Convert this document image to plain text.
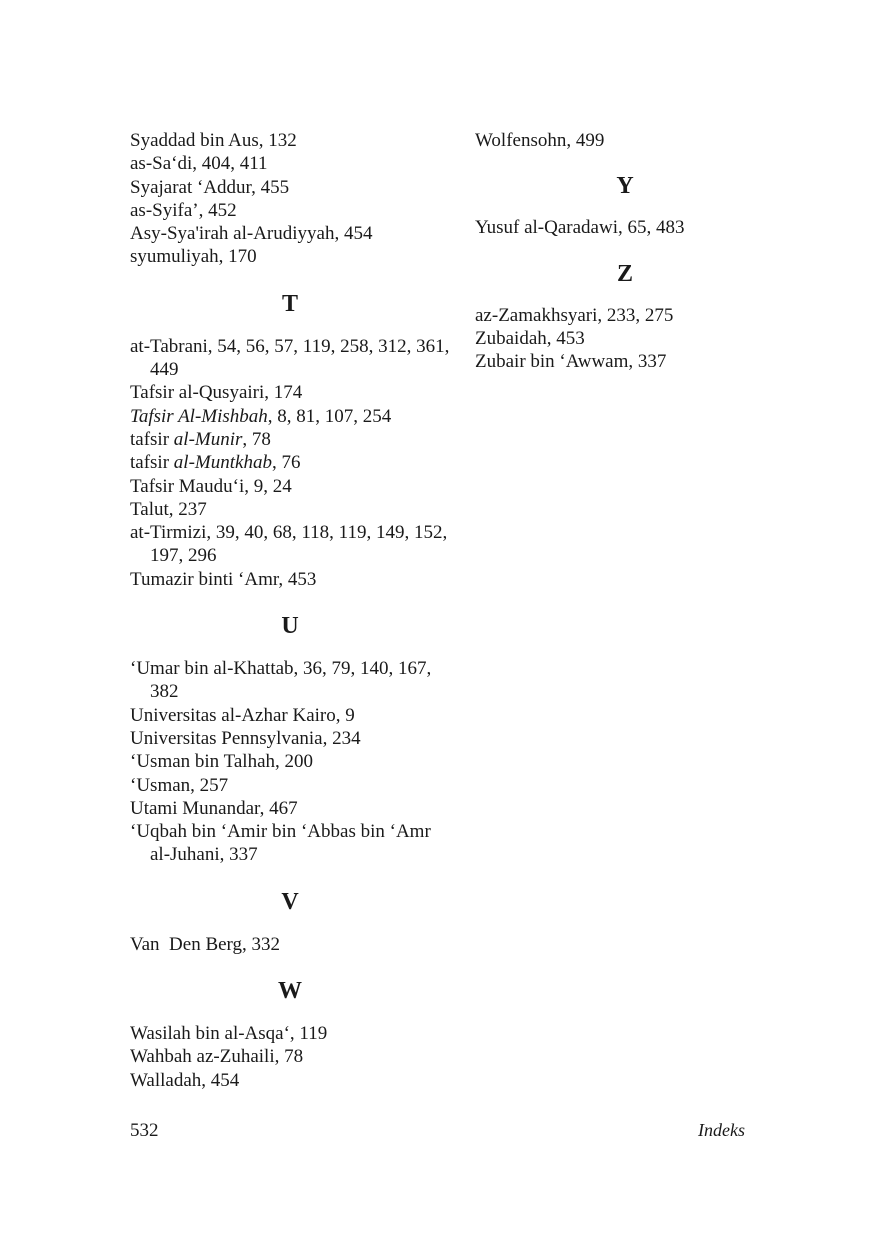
Syaddad bin Aus, 132
as-Sa‘di, 404, 411
Syajarat ‘Addur, 455
as-Syifa’, 452
Asy-Sya'irah al-Arudiyyah, 454
syumuliyah, 170
T
at-Tabrani, 54, 56, 57, 119, 258, 312, 361, 449
Tafsir al-Qusyairi, 174
Tafsir Al-Mishbah, 8, 81, 107, 254
tafsir al-Munir, 78
tafsir al-Muntkhab, 76
Tafsir Maudu‘i, 9, 24
Talut, 237
at-Tirmizi, 39, 40, 68, 118, 119, 149, 152, 197, 296
Tumazir binti ‘Amr, 453
U
‘Umar bin al-Khattab, 36, 79, 140, 167, 382
Universitas al-Azhar Kairo, 9
Universitas Pennsylvania, 234
‘Usman bin Talhah, 200
‘Usman, 257
Utami Munandar, 467
‘Uqbah bin ‘Amir bin ‘Abbas bin ‘Amr al-Juhani, 337
V
Van  Den Berg, 332
W
Wasilah bin al-Asqa‘, 119
Wahbah az-Zuhaili, 78
Walladah, 454
Wolfensohn, 499
Y
Yusuf al-Qaradawi, 65, 483
Z
az-Zamakhsyari, 233, 275
Zubaidah, 453
Zubair bin ‘Awwam, 337
532	Indeks
